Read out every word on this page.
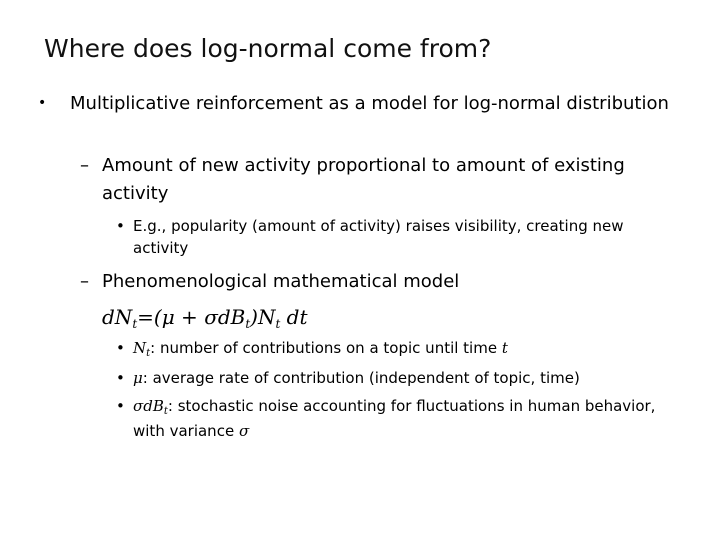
Where does log-normal come from?
• Multiplicative reinforcement as a model for log-normal distribution
– Amount of new activity proportional to amount of existing activity
• E.g., popularity (amount of activity) raises visibility, creating new activity
– Phenomenological mathematical model
$dN_t=(\mu + \sigma dB_t)N_t$ dt
• $N_t$: number of contributions on a topic until time t
• μ: average rate of contribution (independent of topic, time)
• σdB$_t$: stochastic noise accounting for fluctuations in human behavior, with variance σ
